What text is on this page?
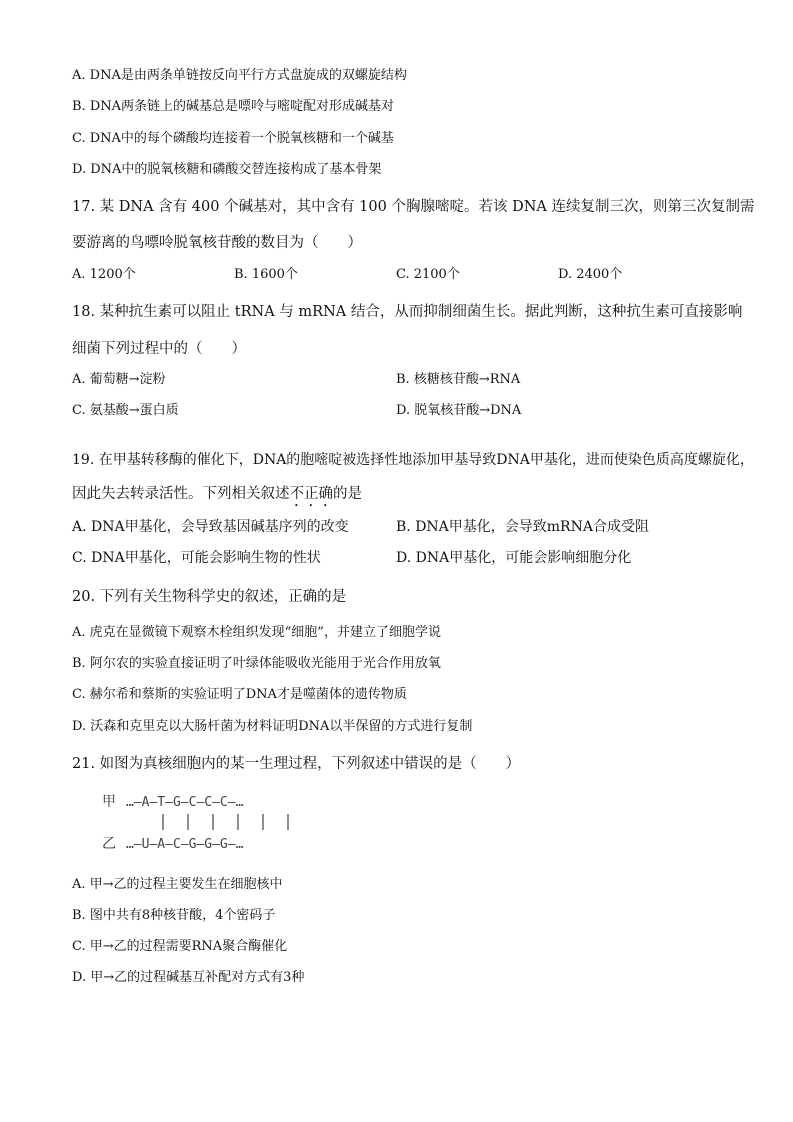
A. DNA是由两条单链按反向平行方式盘旋成的双螺旋结构
B. DNA两条链上的碱基总是嘌呤与嘧啶配对形成碱基对
C. DNA中的每个磷酸均连接着一个脱氧核糖和一个碱基
D. DNA中的脱氧核糖和磷酸交替连接构成了基本骨架
17. 某 DNA 含有 400 个碱基对，其中含有 100 个胸腺嘧啶。若该 DNA 连续复制三次，则第三次复制需
要游离的鸟嘌呤脱氧核苷酸的数目为（　　）
A. 1200个	B. 1600个	C. 2100个	D. 2400个
18. 某种抗生素可以阻止 tRNA 与 mRNA 结合，从而抑制细菌生长。据此判断，这种抗生素可直接影响
细菌下列过程中的（　　）
A. 葡萄糖→淀粉	B. 核糖核苷酸→RNA
C. 氨基酸→蛋白质	D. 脱氧核苷酸→DNA
19. 在甲基转移酶的催化下，DNA的胞嘧啶被选择性地添加甲基导致DNA甲基化，进而使染色质高度螺旋化，
因此失去转录活性。下列相关叙述不正确的是
A. DNA甲基化，会导致基因碱基序列的改变	B. DNA甲基化，会导致mRNA合成受阻
C. DNA甲基化，可能会影响生物的性状	D. DNA甲基化，可能会影响细胞分化
20. 下列有关生物科学史的叙述，正确的是
A. 虎克在显微镜下观察木栓组织发现“细胞”，并建立了细胞学说
B. 阿尔农的实验直接证明了叶绿体能吸收光能用于光合作用放氧
C. 赫尔希和蔡斯的实验证明了DNA才是噬菌体的遗传物质
D. 沃森和克里克以大肠杆菌为材料证明DNA以半保留的方式进行复制
21. 如图为真核细胞内的某一生理过程，下列叙述中错误的是（　　）
甲 …—A—T—G—C—C—C—…
乙 …—U—A—C—G—G—G—…
A. 甲→乙的过程主要发生在细胞核中
B. 图中共有8种核苷酸，4个密码子
C. 甲→乙的过程需要RNA聚合酶催化
D. 甲→乙的过程碱基互补配对方式有3种
